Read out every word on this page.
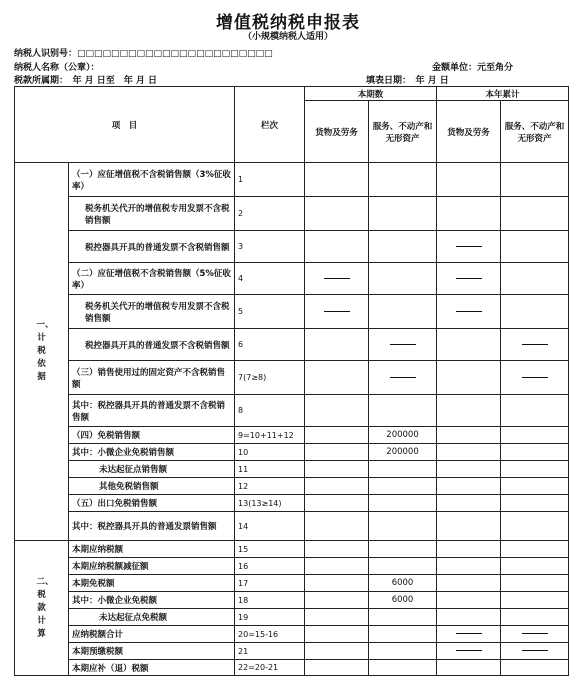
增值税纳税申报表
（小规模纳税人适用）
纳税人识别号：□□□□□□□□□□□□□□□□□□□□□□□
纳税人名称（公章）：	金额单位：元至角分
税款所属期：　年 月 日至　年 月 日	填表日期：　年 月 日
项　目		栏次	本期数		本年累计	
			货物及劳务	服务、不动产和无形资产	货物及劳务	服务、不动产和无形资产
一、计税依据	（一）应征增值税不含税销售额（3%征收率）	1				
	税务机关代开的增值税专用发票不含税销售额	2				
	税控器具开具的普通发票不含税销售额	3				
	（二）应征增值税不含税销售额（5%征收率）	4				
	税务机关代开的增值税专用发票不含税销售额	5				
	税控器具开具的普通发票不含税销售额	6				
	（三）销售使用过的固定资产不含税销售额	7(7≥8)				
	其中：税控器具开具的普通发票不含税销售额	8				
	（四）免税销售额	9=10+11+12		200000		
	其中：小微企业免税销售额	10		200000		
	未达起征点销售额	11				
	其他免税销售额	12				
	（五）出口免税销售额	13(13≥14)				
	其中：税控器具开具的普通发票销售额	14				
二、税款计算	本期应纳税额	15				
	本期应纳税额减征额	16				
	本期免税额	17		6000		
	其中：小微企业免税额	18		6000		
	未达起征点免税额	19				
	应纳税额合计	20=15-16				
	本期预缴税额	21				
	本期应补（退）税额	22=20-21				
